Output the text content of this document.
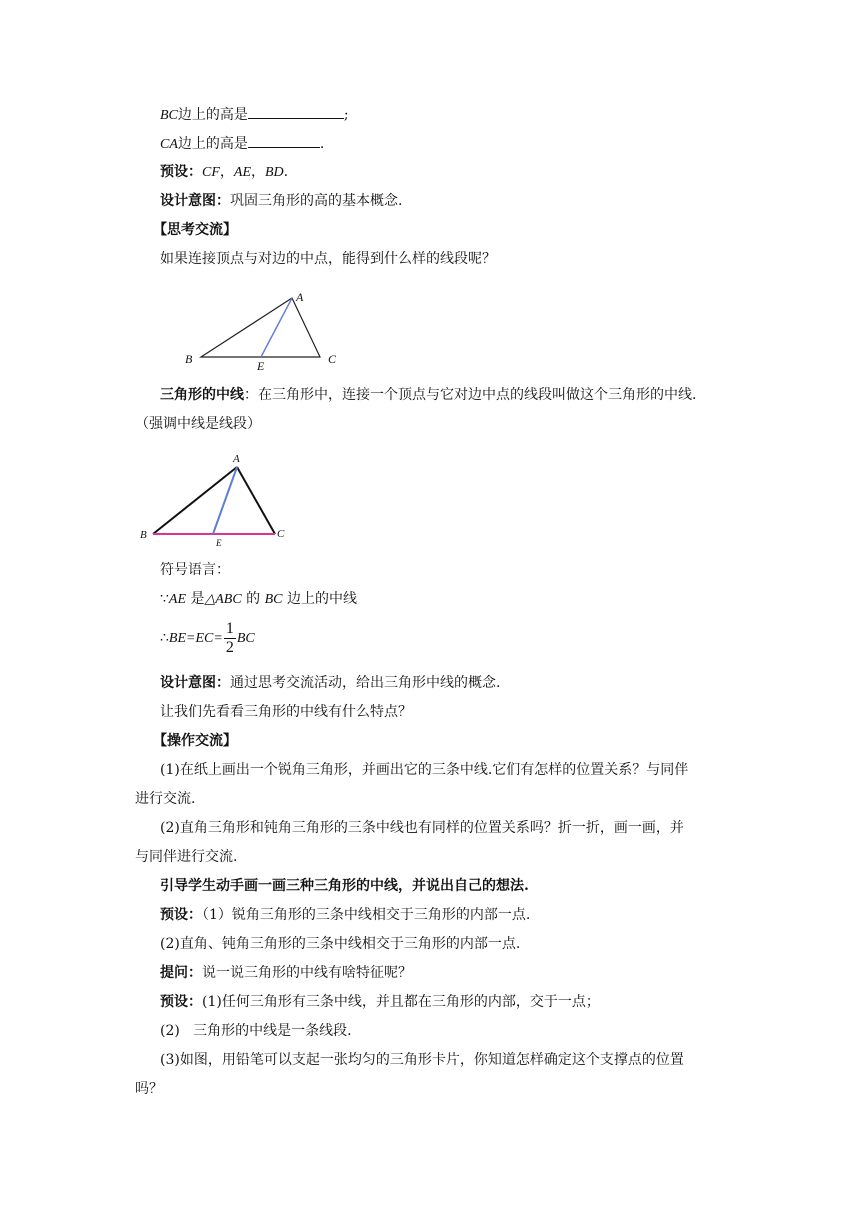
BC边上的高是	;
CA边上的高是	.
预设：CF，AE，BD.
设计意图：巩固三角形的高的基本概念.
【思考交流】
如果连接顶点与对边的中点，能得到什么样的线段呢？
A
B	C
E
三角形的中线：在三角形中，连接一个顶点与它对边中点的线段叫做这个三角形的中线.
（强调中线是线段）
A
B	C
E
符号语言：
∵AE 是△ABC 的 BC 边上的中线
∴BE=EC= $\frac{1}{2}$ BC
设计意图：通过思考交流活动，给出三角形中线的概念.
让我们先看看三角形的中线有什么特点？
【操作交流】
(1)在纸上画出一个锐角三角形，并画出它的三条中线.它们有怎样的位置关系？与同伴
进行交流.
(2)直角三角形和钝角三角形的三条中线也有同样的位置关系吗？折一折，画一画，并
与同伴进行交流.
引导学生动手画一画三种三角形的中线，并说出自己的想法.
预设：（1）锐角三角形的三条中线相交于三角形的内部一点.
(2)直角、钝角三角形的三条中线相交于三角形的内部一点.
提问：说一说三角形的中线有啥特征呢？
预设：(1)任何三角形有三条中线，并且都在三角形的内部，交于一点；
(2)   三角形的中线是一条线段.
(3)如图，用铅笔可以支起一张均匀的三角形卡片，你知道怎样确定这个支撑点的位置
吗？
